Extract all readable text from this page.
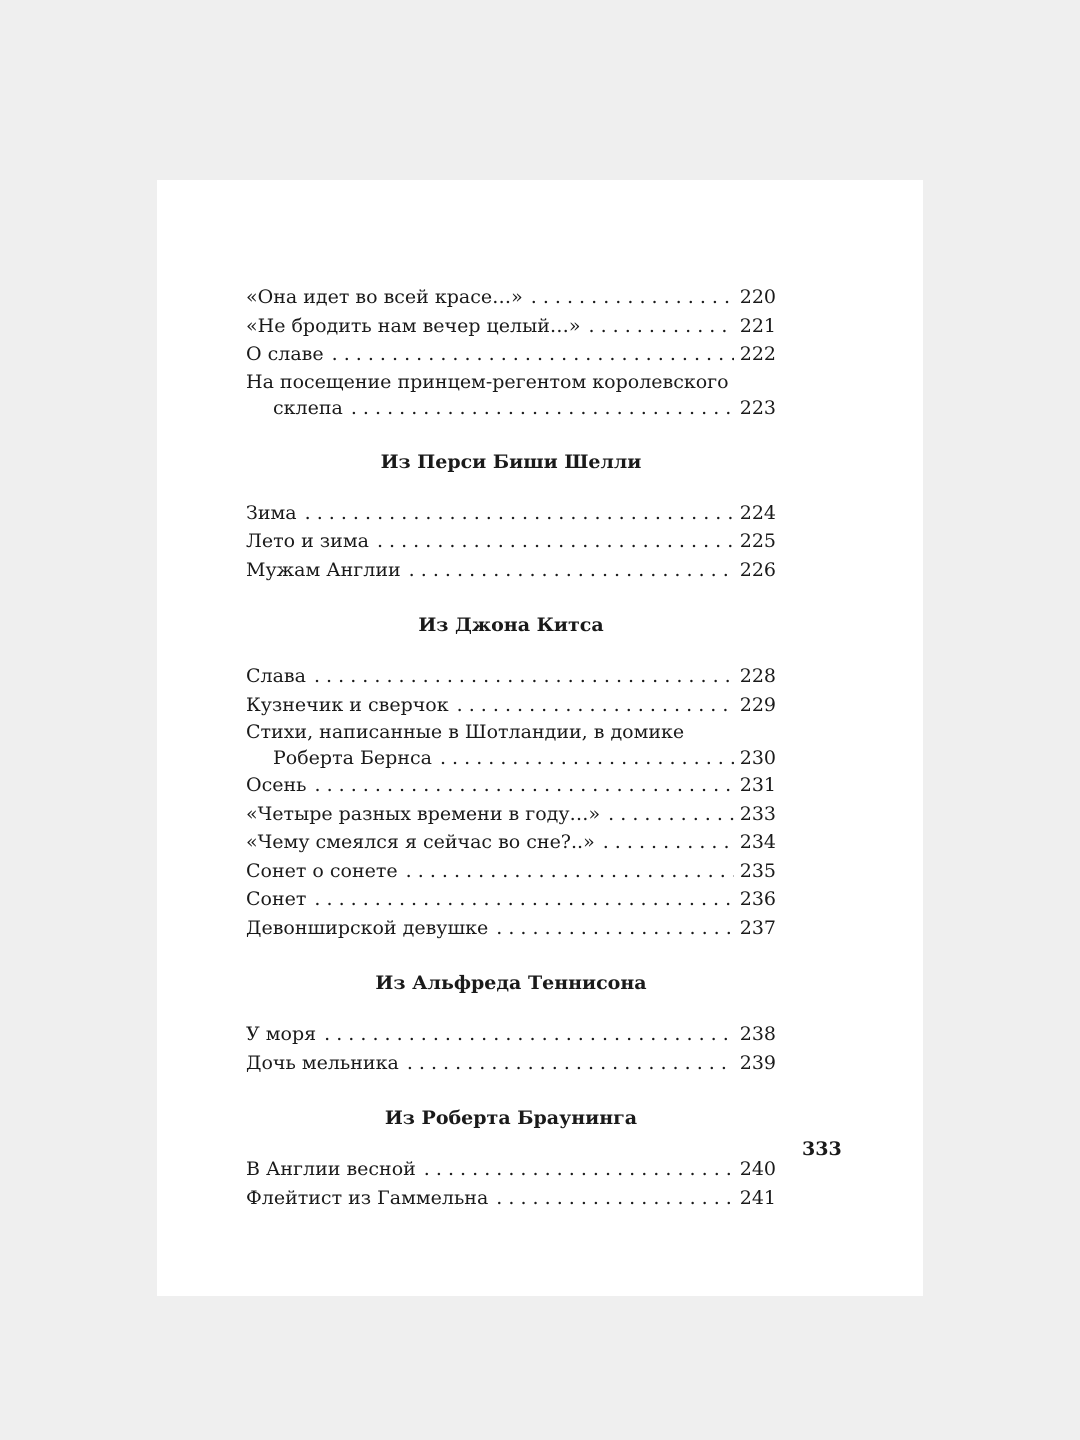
«Она идет во всей красе…» . . .	220
«Не бродить нам вечер целый…» . . .	221
О славе . . .	222
На посещение принцем-регентом королевского
склепа . . .	223
Из Перси Биши Шелли
Зима . . .	224
Лето и зима . . .	225
Мужам Англии . . .	226
Из Джона Китса
Слава . . .	228
Кузнечик и сверчок . . .	229
Стихи, написанные в Шотландии, в домике
Роберта Бернса . . .	230
Осень . . .	231
«Четыре разных времени в году…» . . .	233
«Чему смеялся я сейчас во сне?..» . . .	234
Сонет о сонете . . .	235
Сонет . . .	236
Девонширской девушке . . .	237
Из Альфреда Теннисона
У моря . . .	238
Дочь мельника . . .	239
Из Роберта Браунинга
В Англии весной . . .	240
Флейтист из Гаммельна . . .	241
333
